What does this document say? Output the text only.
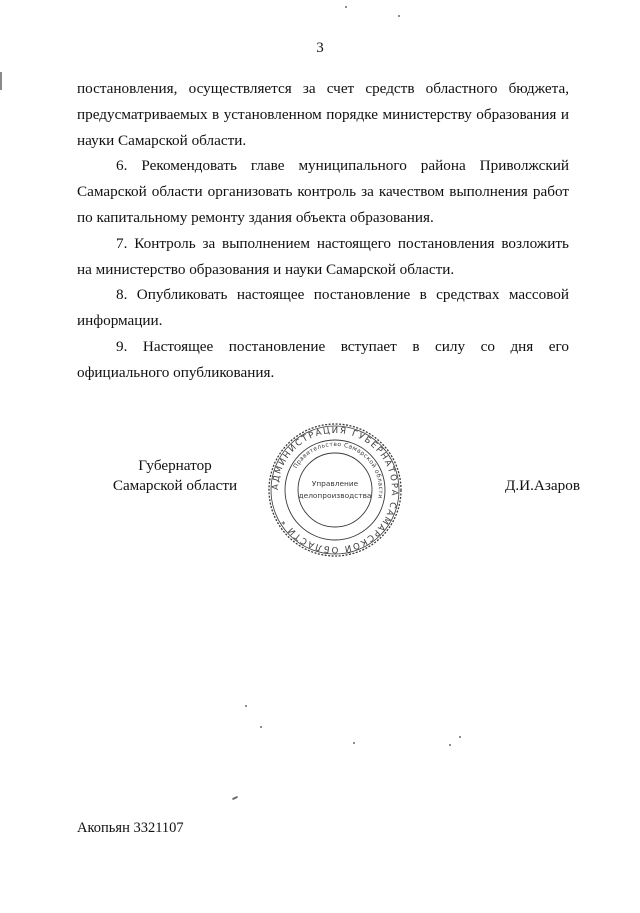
3

постановления, осуществляется за счет средств областного бюджета, предусматриваемых в установленном порядке министерству образования и науки Самарской области.

6. Рекомендовать главе муниципального района Приволжский Самарской области организовать контроль за качеством выполнения работ по капитальному ремонту здания объекта образования.

7. Контроль за выполнением настоящего постановления возложить на министерство образования и науки Самарской области.

8. Опубликовать настоящее постановление в средствах массовой информации.

9. Настоящее постановление вступает в силу со дня его официального опубликования.

Губернатор
Самарской области	АДМИНИСТРАЦИЯ ГУБЕРНАТОРА САМАРСКОЙ ОБЛАСТИ *
Правительство Самарской области
Управление
делопроизводства
Д.И.Азаров
Акопьян 3321107
